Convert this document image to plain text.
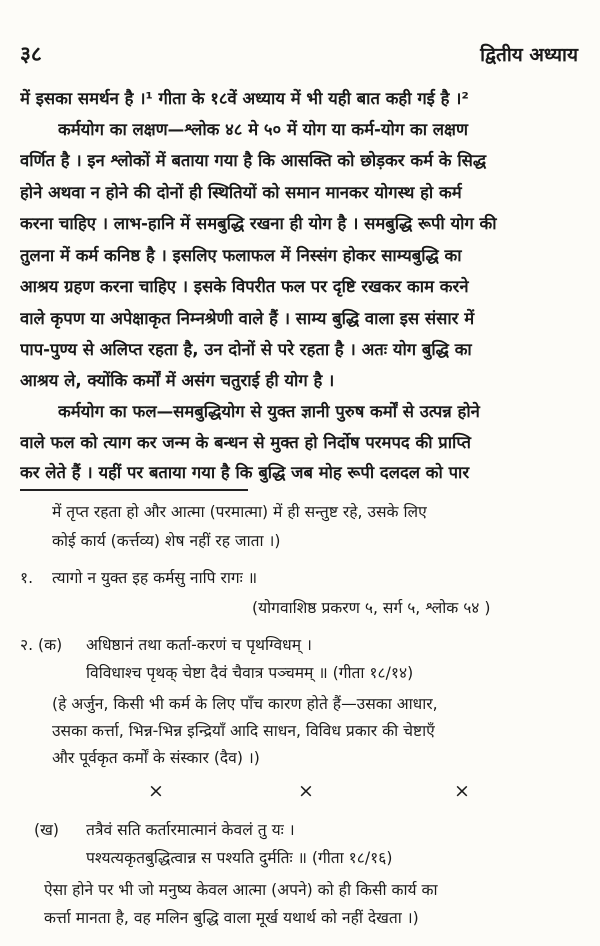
३८	द्वितीय अध्याय
में इसका समर्थन है ।¹ गीता के १८वें अध्याय में भी यही बात कही गई है ।²
कर्मयोग का लक्षण—श्लोक ४८ मे ५० में योग या कर्म-योग का लक्षण
वर्णित है । इन श्लोकों में बताया गया है कि आसक्ति को छोड़कर कर्म के सिद्ध
होने अथवा न होने की दोनों ही स्थितियों को समान मानकर योगस्थ हो कर्म
करना चाहिए । लाभ-हानि में समबुद्धि रखना ही योग है । समबुद्धि रूपी योग की
तुलना में कर्म कनिष्ठ है । इसलिए फलाफल में निस्संग होकर साम्यबुद्धि का
आश्रय ग्रहण करना चाहिए । इसके विपरीत फल पर दृष्टि रखकर काम करने
वाले कृपण या अपेक्षाकृत निम्नश्रेणी वाले हैं । साम्य बुद्धि वाला इस संसार में
पाप-पुण्य से अलिप्त रहता है, उन दोनों से परे रहता है । अतः योग बुद्धि का
आश्रय ले, क्योंकि कर्मों में असंग चतुराई ही योग है ।
कर्मयोग का फल—समबुद्धियोग से युक्त ज्ञानी पुरुष कर्मों से उत्पन्न होने
वाले फल को त्याग कर जन्म के बन्धन से मुक्त हो निर्दोष परमपद की प्राप्ति
कर लेते हैं । यहीं पर बताया गया है कि बुद्धि जब मोह रूपी दलदल को पार
में तृप्त रहता हो और आत्मा (परमात्मा) में ही सन्तुष्ट रहे, उसके लिए
कोई कार्य (कर्त्तव्य) शेष नहीं रह जाता ।)
१. त्यागो न युक्त इह कर्मसु नापि रागः ॥
(योगवाशिष्ठ प्रकरण ५, सर्ग ५, श्लोक ५४ )
२. (क) अधिष्ठानं तथा कर्ता-करणं च पृथग्विधम् ।
विविधाश्च पृथक् चेष्टा दैवं चैवात्र पञ्चमम् ॥ (गीता १८/१४)
(हे अर्जुन, किसी भी कर्म के लिए पाँच कारण होते हैं—उसका आधार,
उसका कर्त्ता, भिन्न-भिन्न इन्द्रियाँ आदि साधन, विविध प्रकार की चेष्टाएँ
और पूर्वकृत कर्मों के संस्कार (दैव) ।)
×	×	×
(ख) तत्रैवं सति कर्तारमात्मानं केवलं तु यः ।
पश्यत्यकृतबुद्धित्वान्न स पश्यति दुर्मतिः ॥ (गीता १८/१६)
ऐसा होने पर भी जो मनुष्य केवल आत्मा (अपने) को ही किसी कार्य का
कर्त्ता मानता है, वह मलिन बुद्धि वाला मूर्ख यथार्थ को नहीं देखता ।)
